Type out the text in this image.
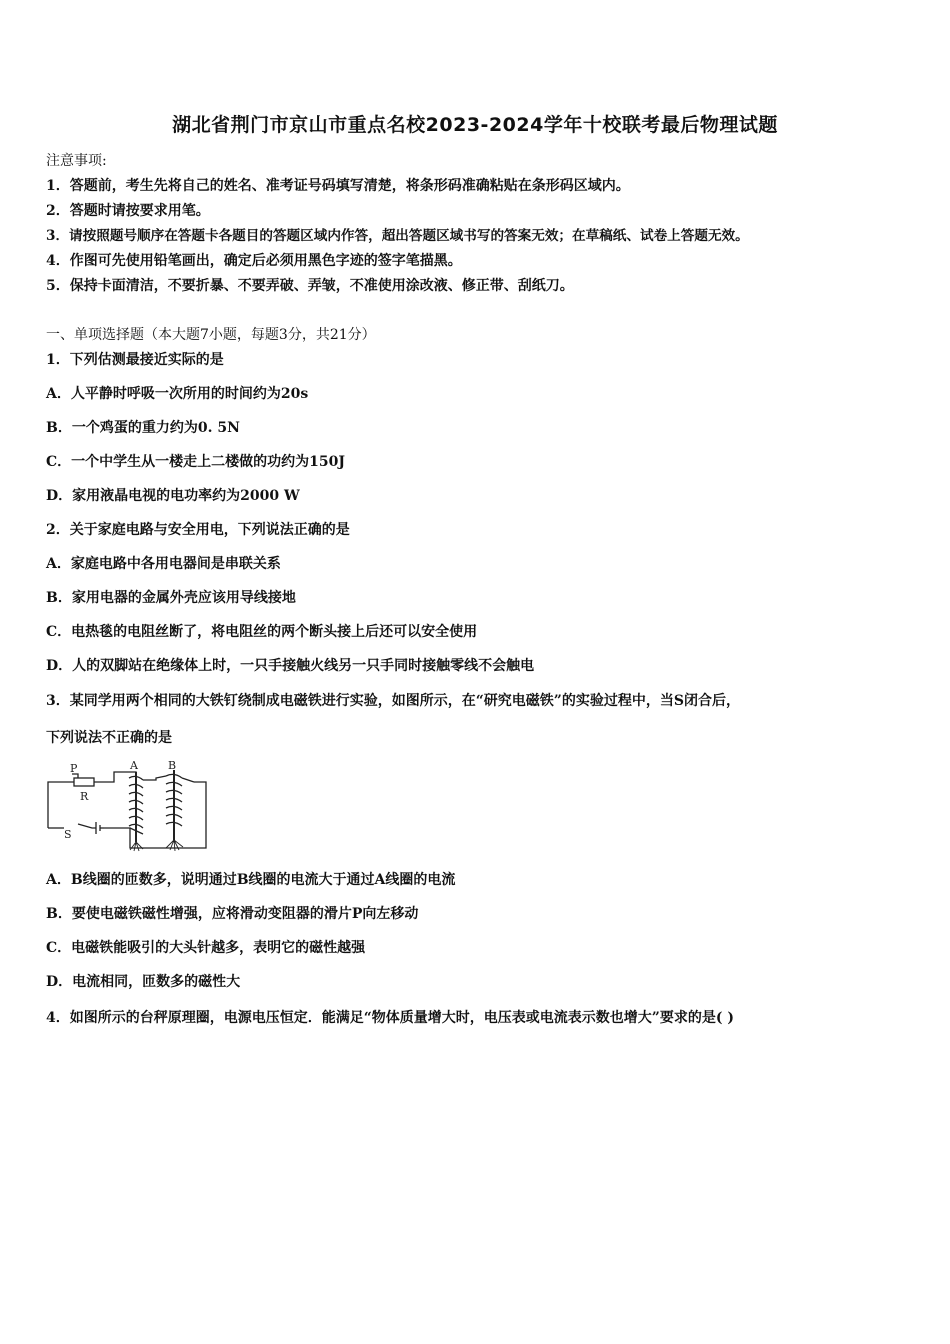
湖北省荆门市京山市重点名校2023-2024学年十校联考最后物理试题
注意事项:
1．答题前，考生先将自己的姓名、准考证号码填写清楚，将条形码准确粘贴在条形码区域内。
2．答题时请按要求用笔。
3．请按照题号顺序在答题卡各题目的答题区域内作答，超出答题区域书写的答案无效；在草稿纸、试卷上答题无效。
4．作图可先使用铅笔画出，确定后必须用黑色字迹的签字笔描黑。
5．保持卡面清洁，不要折暴、不要弄破、弄皱，不准使用涂改液、修正带、刮纸刀。
一、单项选择题（本大题7小题，每题3分，共21分）
1．下列估测最接近实际的是
A．人平静时呼吸一次所用的时间约为20s
B．一个鸡蛋的重力约为0. 5N
C．一个中学生从一楼走上二楼做的功约为150J
D．家用液晶电视的电功率约为2000 W
2．关于家庭电路与安全用电，下列说法正确的是
A．家庭电路中各用电器间是串联关系
B．家用电器的金属外壳应该用导线接地
C．电热毯的电阻丝断了，将电阻丝的两个断头接上后还可以安全使用
D．人的双脚站在绝缘体上时，一只手接触火线另一只手同时接触零线不会触电
3．某同学用两个相同的大铁钉绕制成电磁铁进行实验，如图所示，在“研究电磁铁”的实验过程中，当S闭合后，
下列说法不正确的是
P
R
S
A	B
A．B线圈的匝数多，说明通过B线圈的电流大于通过A线圈的电流
B．要使电磁铁磁性增强，应将滑动变阻器的滑片P向左移动
C．电磁铁能吸引的大头针越多，表明它的磁性越强
D．电流相同，匝数多的磁性大
4．如图所示的台秤原理圈，电源电压恒定．能满足“物体质量增大时，电压表或电流表示数也增大”要求的是( )
